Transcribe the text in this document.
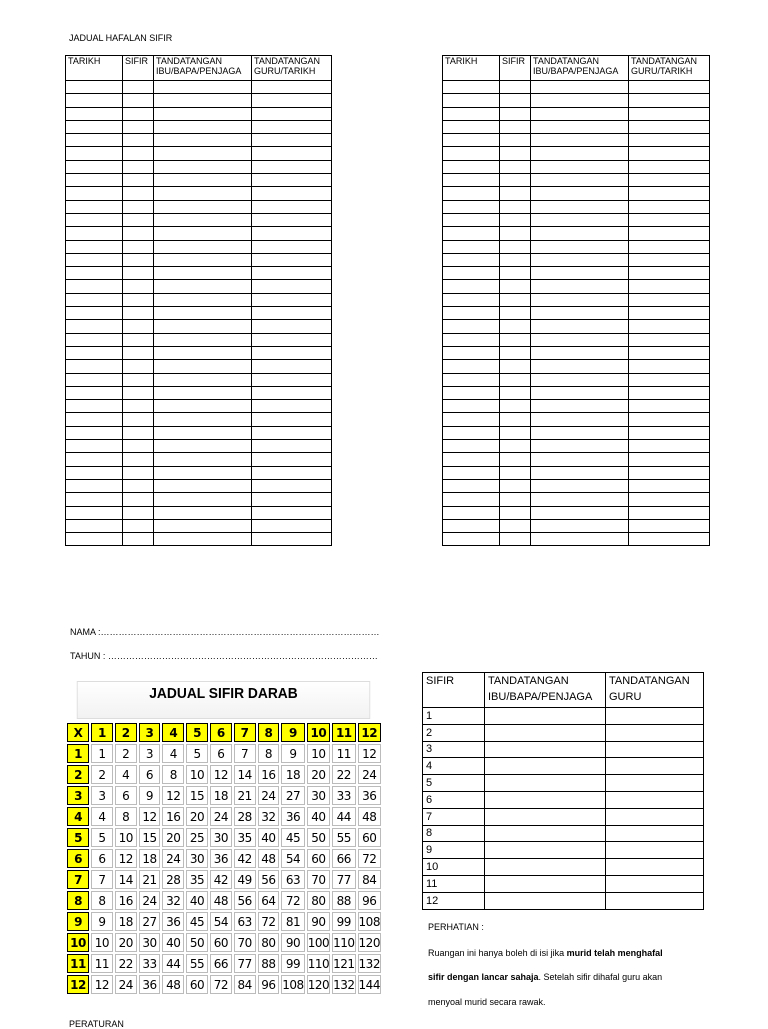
JADUAL HAFALAN SIFIR
TARIKH	SIFIR	TANDATANGAN IBU/BAPA/PENJAGA	TANDATANGAN GURU/TARIKH

TARIKH	SIFIR	TANDATANGAN IBU/BAPA/PENJAGA	TANDATANGAN GURU/TARIKH

NAMA :…………………………………………………………………………………
TAHUN : ………………………………………………………………………………
JADUAL SIFIR DARAB
X	1	2	3	4	5	6	7	8	9	10	11	12
1	1	2	3	4	5	6	7	8	9	10	11	12
2	2	4	6	8	10	12	14	16	18	20	22	24
3	3	6	9	12	15	18	21	24	27	30	33	36
4	4	8	12	16	20	24	28	32	36	40	44	48
5	5	10	15	20	25	30	35	40	45	50	55	60
6	6	12	18	24	30	36	42	48	54	60	66	72
7	7	14	21	28	35	42	49	56	63	70	77	84
8	8	16	24	32	40	48	56	64	72	80	88	96
9	9	18	27	36	45	54	63	72	81	90	99	108
10	10	20	30	40	50	60	70	80	90	100	110	120
11	11	22	33	44	55	66	77	88	99	110	121	132
12	12	24	36	48	60	72	84	96	108	120	132	144
SIFIR	TANDATANGAN IBU/BAPA/PENJAGA	TANDATANGAN GURU
1		
2		
3		
4		
5		
6		
7		
8		
9		
10		
11		
12		
PERHATIAN :
Ruangan ini hanya boleh di isi jika murid telah menghafal
sifir dengan lancar sahaja. Setelah sifir dihafal guru akan
menyoal murid secara rawak.
PERATURAN
